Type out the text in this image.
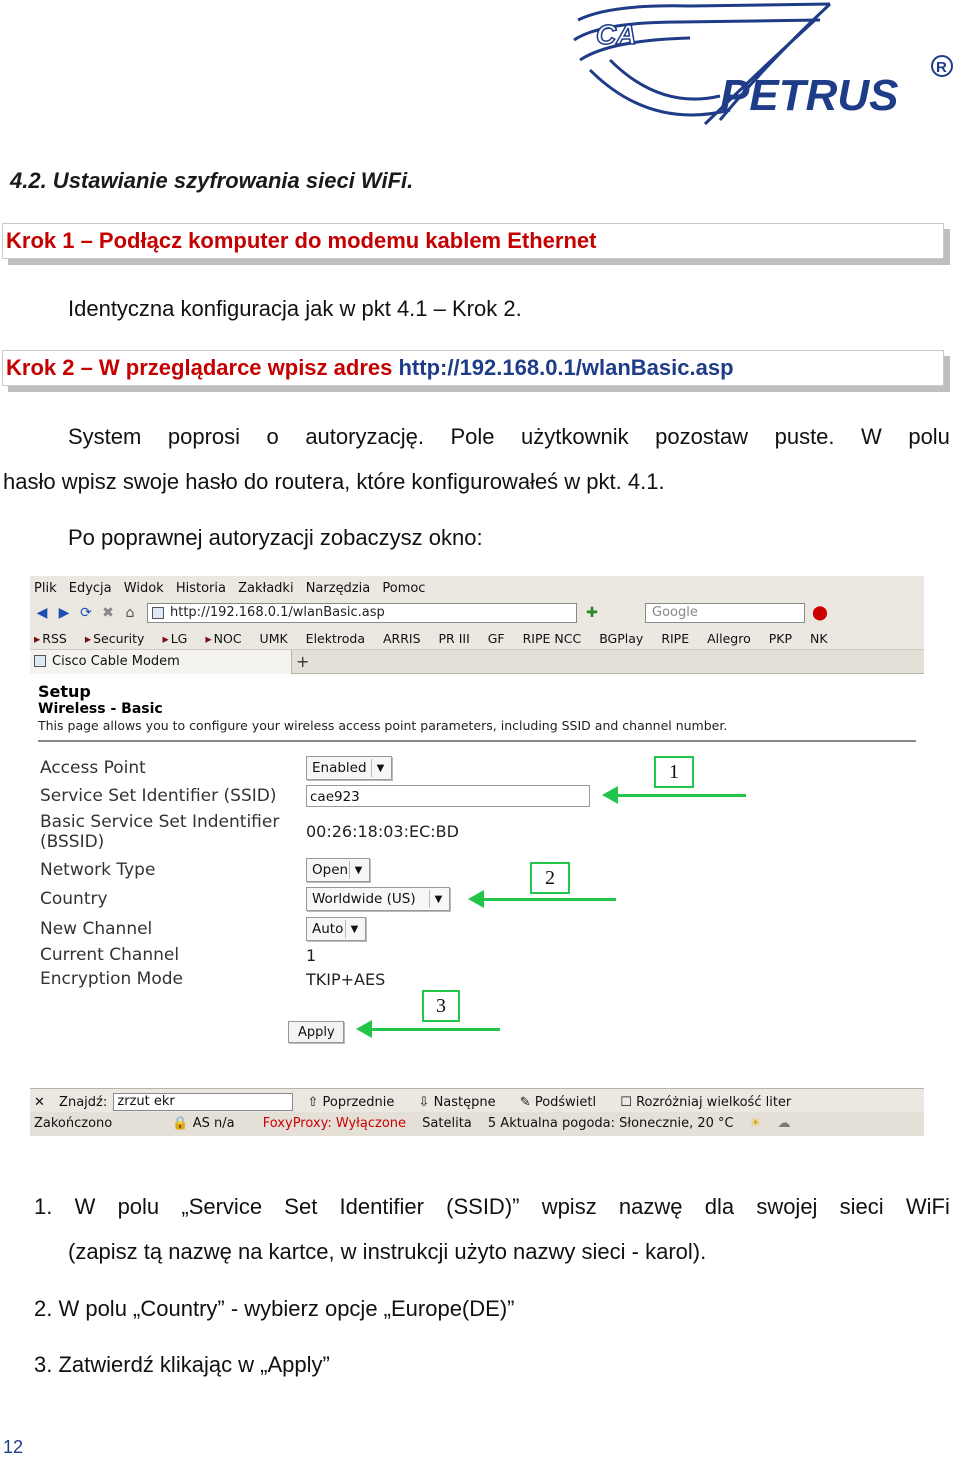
CA
PETRUS
R
4.2. Ustawianie szyfrowania sieci WiFi.
Krok 1 – Podłącz komputer do modemu kablem Ethernet
Identyczna konfiguracja jak w pkt 4.1 – Krok 2.
Krok 2 – W przeglądarce wpisz adres http://192.168.0.1/wlanBasic.asp
System poprosi o autoryzację. Pole użytkownik pozostaw puste. W polu
hasło wpisz swoje hasło do routera, które konfigurowałeś w pkt. 4.1.
Po poprawnej autoryzacji zobaczysz okno:
Plik Edycja Widok Historia Zakładki Narzędzia Pomoc
◀ ▶ ⟳ ✖ ⌂	http://192.168.0.1/wlanBasic.asp	✚	Google	⬤
▸ RSS ▸ Security ▸ LG ▸ NOC UMK Elektroda ARRIS PR III GF RIPE NCC BGPlay RIPE Allegro PKP NK
Cisco Cable Modem	+
Setup
Wireless - Basic
This page allows you to configure your wireless access point parameters, including SSID and channel number.
Access Point	Enabled	▼
Service Set Identifier (SSID) cae923
Basic Service Set Indentifier
(BSSID)
00:26:18:03:EC:BD
Network Type	Open ▼
Country	Worldwide (US)	▼
New Channel	Auto ▼
Current Channel	1
Encryption Mode	TKIP+AES
Apply
1
2
3
✕ Znajdź: zrzut ekr	⇧ Poprzednie ⇩ Następne ✎ Podświetl ☐ Rozróżniaj wielkość liter
Zakończono	🔒 AS n/a FoxyProxy: Wyłączone Satelita 5 Aktualna pogoda: Słonecznie, 20 °C ☀ ☁
1. W polu „Service Set Identifier (SSID)” wpisz nazwę dla swojej sieci WiFi
(zapisz tą nazwę na kartce, w instrukcji użyto nazwy sieci - karol).
2. W polu „Country” - wybierz opcje „Europe(DE)”
3. Zatwierdź klikając w „Apply”
12
